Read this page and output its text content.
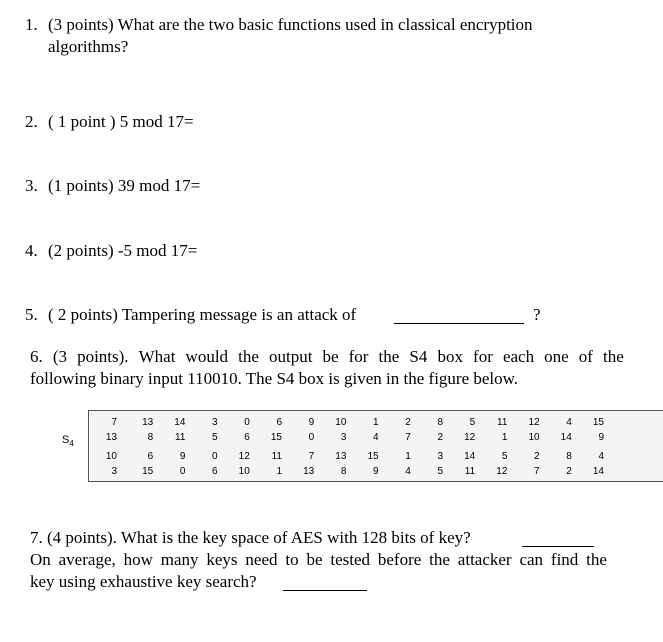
1. (3 points) What are the two basic functions used in classical encryption
algorithms?
2. ( 1 point ) 5 mod 17=
3. (1 points) 39 mod 17=
4. (2 points) -5 mod 17=
5. ( 2 points) Tampering message is an attack of	?
6. (3 points). What would the output be for the S4 box for each one of the
following binary input 110010. The S4 box is given in the figure below.
$S_4$
7	13	14	3	0	6	9	10	1	2	8	5	11	12	4	15
13	8	11	5	6	15	0	3	4	7	2	12	1	10	14	9
10	6	9	0	12	11	7	13	15	1	3	14	5	2	8	4
3	15	0	6	10	1	13	8	9	4	5	11	12	7	2	14
7. (4 points). What is the key space of AES with 128 bits of key?
On average, how many keys need to be tested before the attacker can find the
key using exhaustive key search?
